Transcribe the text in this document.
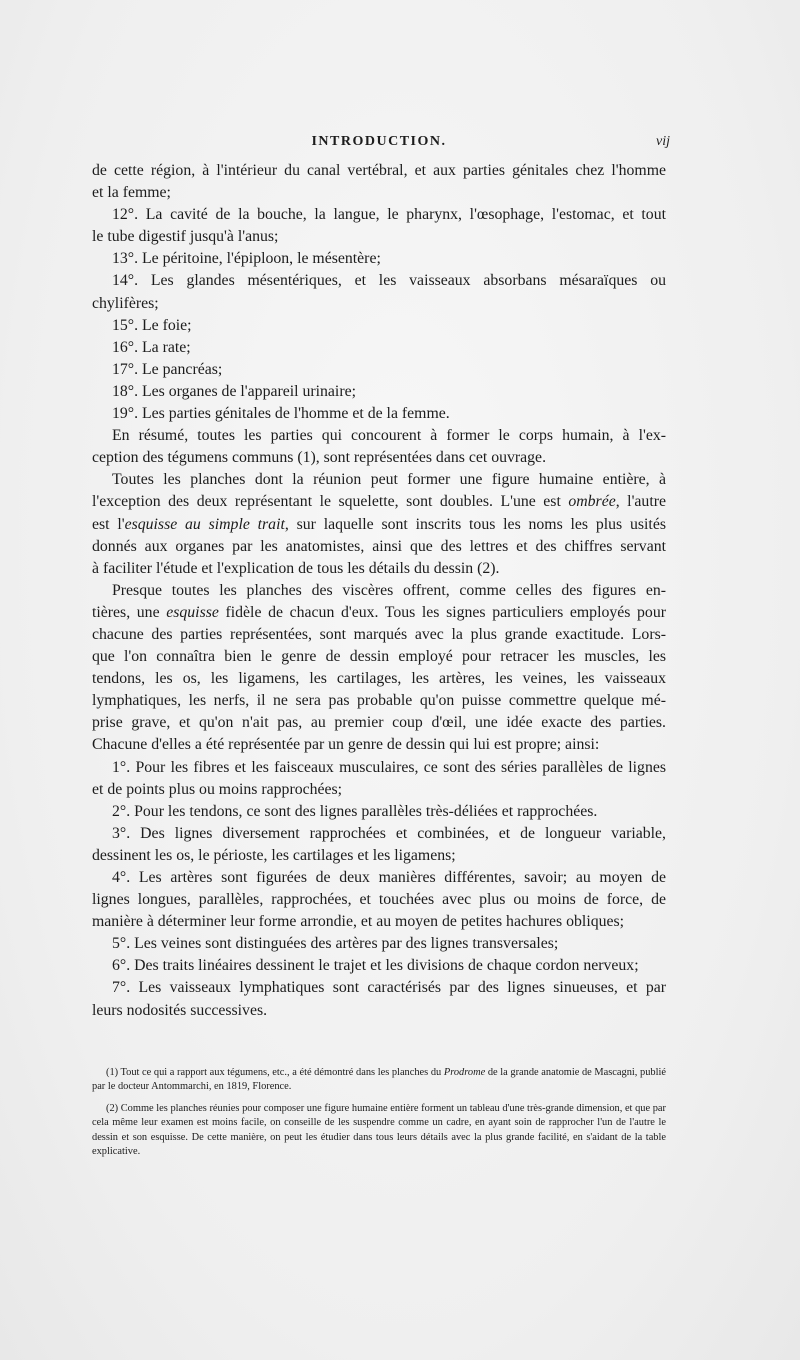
INTRODUCTION.	vij

de cette région, à l'intérieur du canal vertébral, et aux parties génitales chez l'homme

et la femme;

12°. La cavité de la bouche, la langue, le pharynx, l'œsophage, l'estomac, et tout

le tube digestif jusqu'à l'anus;

13°. Le péritoine, l'épiploon, le mésentère;

14°. Les glandes mésentériques, et les vaisseaux absorbans mésaraïques ou

chylifères;

15°. Le foie;

16°. La rate;

17°. Le pancréas;

18°. Les organes de l'appareil urinaire;

19°. Les parties génitales de l'homme et de la femme.

En résumé, toutes les parties qui concourent à former le corps humain, à l'ex-

ception des tégumens communs (1), sont représentées dans cet ouvrage.

Toutes les planches dont la réunion peut former une figure humaine entière, à

l'exception des deux représentant le squelette, sont doubles. L'une est ombrée, l'autre

est l'esquisse au simple trait, sur laquelle sont inscrits tous les noms les plus usités

donnés aux organes par les anatomistes, ainsi que des lettres et des chiffres servant

à faciliter l'étude et l'explication de tous les détails du dessin (2).

Presque toutes les planches des viscères offrent, comme celles des figures en-

tières, une esquisse fidèle de chacun d'eux. Tous les signes particuliers employés pour

chacune des parties représentées, sont marqués avec la plus grande exactitude. Lors-

que l'on connaîtra bien le genre de dessin employé pour retracer les muscles, les

tendons, les os, les ligamens, les cartilages, les artères, les veines, les vaisseaux

lymphatiques, les nerfs, il ne sera pas probable qu'on puisse commettre quelque mé-

prise grave, et qu'on n'ait pas, au premier coup d'œil, une idée exacte des parties.

Chacune d'elles a été représentée par un genre de dessin qui lui est propre; ainsi:

1°. Pour les fibres et les faisceaux musculaires, ce sont des séries parallèles de lignes

et de points plus ou moins rapprochées;

2°. Pour les tendons, ce sont des lignes parallèles très-déliées et rapprochées.

3°. Des lignes diversement rapprochées et combinées, et de longueur variable,

dessinent les os, le périoste, les cartilages et les ligamens;

4°. Les artères sont figurées de deux manières différentes, savoir; au moyen de

lignes longues, parallèles, rapprochées, et touchées avec plus ou moins de force, de

manière à déterminer leur forme arrondie, et au moyen de petites hachures obliques;

5°. Les veines sont distinguées des artères par des lignes transversales;

6°. Des traits linéaires dessinent le trajet et les divisions de chaque cordon nerveux;

7°. Les vaisseaux lymphatiques sont caractérisés par des lignes sinueuses, et par

leurs nodosités successives.

(1) Tout ce qui a rapport aux tégumens, etc., a été démontré dans les planches du Prodrome de la grande anatomie de Mascagni, publié par le docteur Antommarchi, en 1819, Florence.

(2) Comme les planches réunies pour composer une figure humaine entière forment un tableau d'une très-grande dimension, et que par cela même leur examen est moins facile, on conseille de les suspendre comme un cadre, en ayant soin de rapprocher l'un de l'autre le dessin et son esquisse. De cette manière, on peut les étudier dans tous leurs détails avec la plus grande facilité, en s'aidant de la table explicative.
